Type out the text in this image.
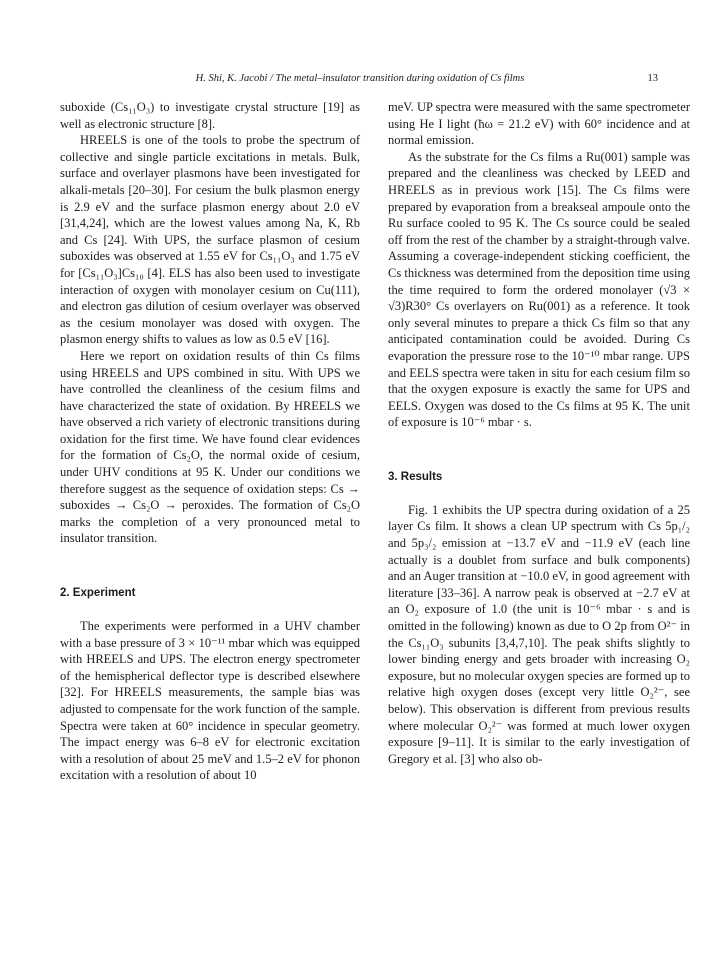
H. Shi, K. Jacobi / The metal–insulator transition during oxidation of Cs films	13

suboxide (Cs₁₁O₃) to investigate crystal structure [19] as well as electronic structure [8].

HREELS is one of the tools to probe the spectrum of collective and single particle excitations in metals. Bulk, surface and overlayer plasmons have been investigated for alkali-metals [20–30]. For cesium the bulk plasmon energy is 2.9 eV and the surface plasmon energy about 2.0 eV [31,4,24], which are the lowest values among Na, K, Rb and Cs [24]. With UPS, the surface plasmon of cesium suboxides was observed at 1.55 eV for Cs₁₁O₃ and 1.75 eV for [Cs₁₁O₃]Cs₁₀ [4]. ELS has also been used to investigate interaction of oxygen with monolayer cesium on Cu(111), and electron gas dilution of cesium overlayer was observed as the cesium monolayer was dosed with oxygen. The plasmon energy shifts to values as low as 0.5 eV [16].

Here we report on oxidation results of thin Cs films using HREELS and UPS combined in situ. With UPS we have controlled the cleanliness of the cesium films and have characterized the state of oxidation. By HREELS we have observed a rich variety of electronic transitions during oxidation for the first time. We have found clear evidences for the formation of Cs₂O, the normal oxide of cesium, under UHV conditions at 95 K. Under our conditions we therefore suggest as the sequence of oxidation steps: Cs → suboxides → Cs₂O → peroxides. The formation of Cs₂O marks the completion of a very pronounced metal to insulator transition.

2. Experiment

The experiments were performed in a UHV chamber with a base pressure of 3 × 10⁻¹¹ mbar which was equipped with HREELS and UPS. The electron energy spectrometer of the hemispherical deflector type is described elsewhere [32]. For HREELS measurements, the sample bias was adjusted to compensate for the work function of the sample. Spectra were taken at 60° incidence in specular geometry. The impact energy was 6–8 eV for electronic excitation with a resolution of about 25 meV and 1.5–2 eV for phonon excitation with a resolution of about 10

meV. UP spectra were measured with the same spectrometer using He I light (ħω = 21.2 eV) with 60° incidence and at normal emission.

As the substrate for the Cs films a Ru(001) sample was prepared and the cleanliness was checked by LEED and HREELS as in previous work [15]. The Cs films were prepared by evaporation from a breakseal ampoule onto the Ru surface cooled to 95 K. The Cs source could be sealed off from the rest of the chamber by a straight-through valve. Assuming a coverage-independent sticking coefficient, the Cs thickness was determined from the deposition time using the time required to form the ordered monolayer (√3 × √3)R30° Cs overlayers on Ru(001) as a reference. It took only several minutes to prepare a thick Cs film so that any anticipated contamination could be avoided. During Cs evaporation the pressure rose to the 10⁻¹⁰ mbar range. UPS and EELS spectra were taken in situ for each cesium film so that the oxygen exposure is exactly the same for UPS and EELS. Oxygen was dosed to the Cs films at 95 K. The unit of exposure is 10⁻⁶ mbar · s.

3. Results

Fig. 1 exhibits the UP spectra during oxidation of a 25 layer Cs film. It shows a clean UP spectrum with Cs 5p₁/₂ and 5p₃/₂ emission at −13.7 eV and −11.9 eV (each line actually is a doublet from surface and bulk components) and an Auger transition at −10.0 eV, in good agreement with literature [33–36]. A narrow peak is observed at −2.7 eV at an O₂ exposure of 1.0 (the unit is 10⁻⁶ mbar · s and is omitted in the following) known as due to O 2p from O²⁻ in the Cs₁₁O₃ subunits [3,4,7,10]. The peak shifts slightly to lower binding energy and gets broader with increasing O₂ exposure, but no molecular oxygen species are formed up to relative high oxygen doses (except very little O₂²⁻, see below). This observation is different from previous results where molecular O₂²⁻ was formed at much lower oxygen exposure [9–11]. It is similar to the early investigation of Gregory et al. [3] who also ob-
